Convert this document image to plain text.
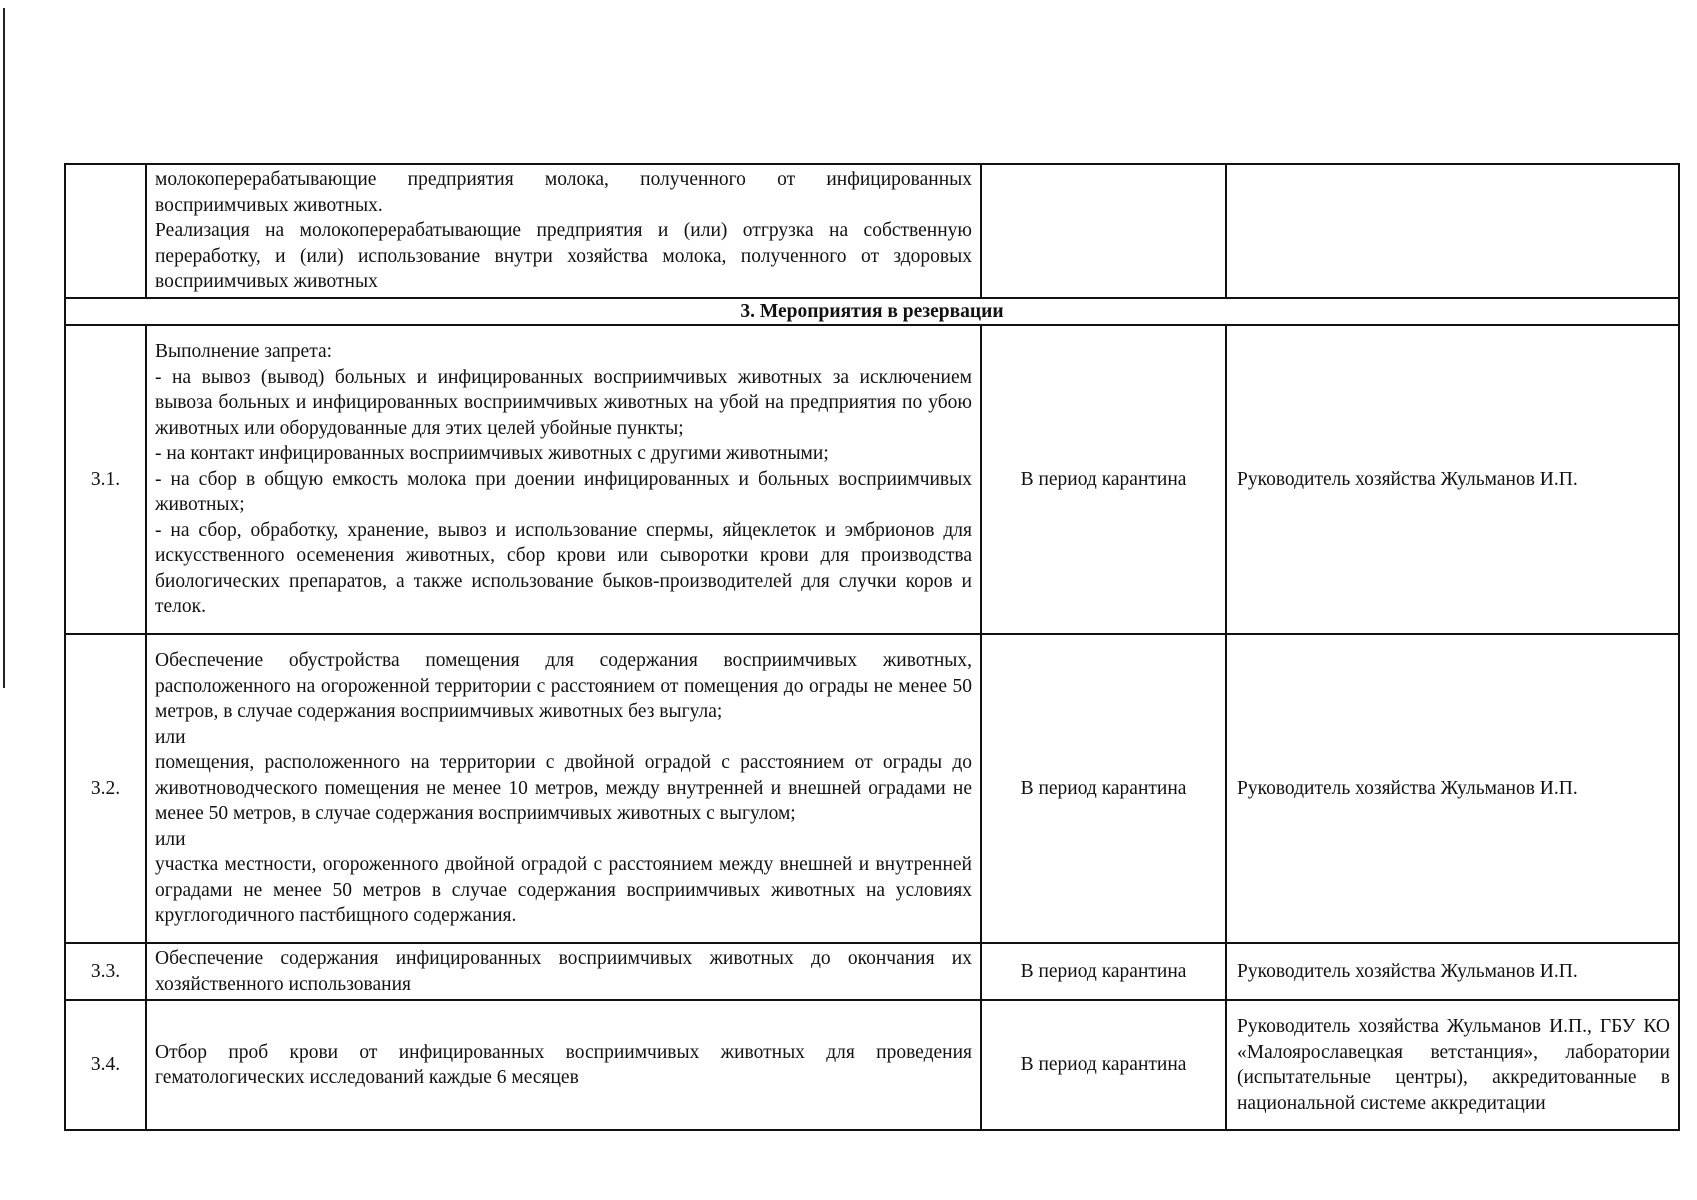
	молокоперерабатывающие предприятия молока, полученного от инфицированных восприимчивых животных.
Реализация на молокоперерабатывающие предприятия и (или) отгрузка на собственную переработку, и (или) использование внутри хозяйства молока, полученного от здоровых восприимчивых животных		

3. Мероприятия в резервации			
3.1.	Выполнение запрета:
- на вывоз (вывод) больных и инфицированных восприимчивых животных за исключением вывоза больных и инфицированных восприимчивых животных на убой на предприятия по убою животных или оборудованные для этих целей убойные пункты;
- на контакт инфицированных восприимчивых животных с другими животными;
- на сбор в общую емкость молока при доении инфицированных и больных восприимчивых животных;
- на сбор, обработку, хранение, вывоз и использование спермы, яйцеклеток и эмбрионов для искусственного осеменения животных, сбор крови или сыворотки крови для производства биологических препаратов, а также использование быков-производителей для случки коров и телок.	В период карантина	Руководитель хозяйства Жульманов И.П.
3.2.	Обеспечение обустройства помещения для содержания восприимчивых животных, расположенного на огороженной территории с расстоянием от помещения до ограды не менее 50 метров, в случае содержания восприимчивых животных без выгула;
или
помещения, расположенного на территории с двойной оградой с расстоянием от ограды до животноводческого помещения не менее 10 метров, между внутренней и внешней оградами не менее 50 метров, в случае содержания восприимчивых животных с выгулом;
или
участка местности, огороженного двойной оградой с расстоянием между внешней и внутренней оградами не менее 50 метров в случае содержания восприимчивых животных на условиях круглогодичного пастбищного содержания.	В период карантина	Руководитель хозяйства Жульманов И.П.
3.3.	Обеспечение содержания инфицированных восприимчивых животных до окончания их хозяйственного использования	В период карантина	Руководитель хозяйства Жульманов И.П.
3.4.	Отбор проб крови от инфицированных восприимчивых животных для проведения гематологических исследований каждые 6 месяцев	В период карантина	Руководитель хозяйства Жульманов И.П., ГБУ КО «Малоярославецкая ветстанция», лаборатории (испытательные центры), аккредитованные в национальной системе аккредитации
